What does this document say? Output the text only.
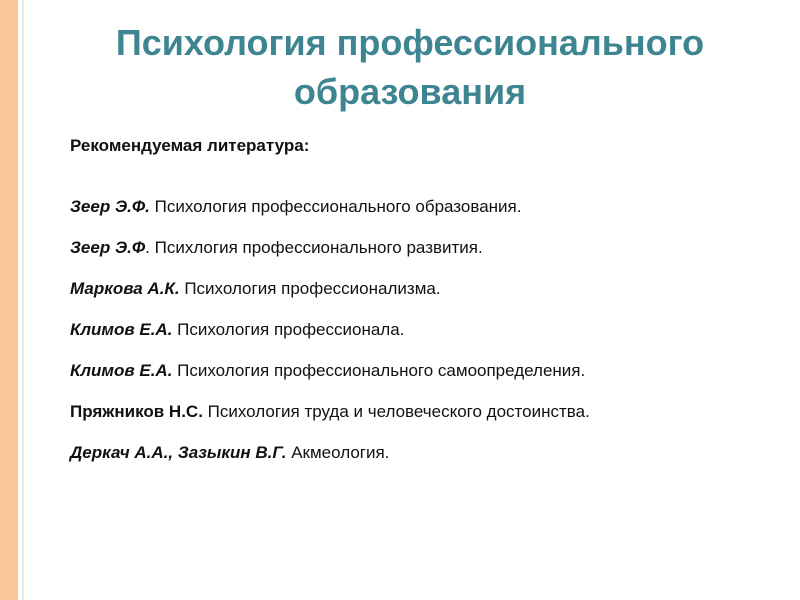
Психология профессионального
образования

Рекомендуемая литература:

Зеер Э.Ф. Психология профессионального образования.
Зеер Э.Ф. Психлогия профессионального развития.
Маркова А.К. Психология профессионализма.
Климов Е.А. Психология профессионала.
Климов Е.А. Психология профессионального самоопределения.
Пряжников Н.С. Психология труда и человеческого достоинства.
Деркач А.А., Зазыкин В.Г. Акмеология.
